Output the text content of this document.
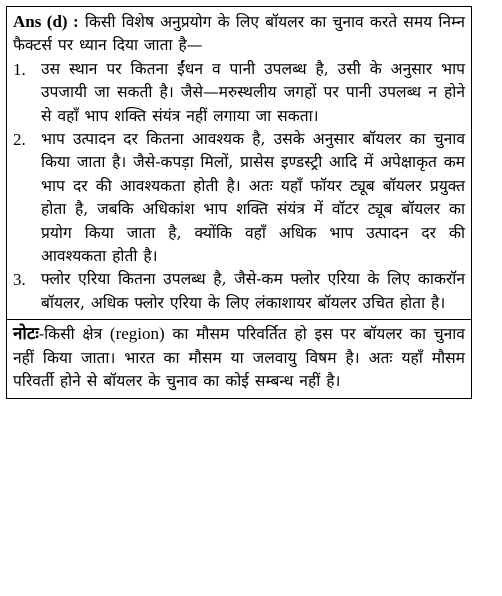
Ans (d) : किसी विशेष अनुप्रयोग के लिए बॉयलर का चुनाव करते समय निम्न फैक्टर्स पर ध्यान दिया जाता है—
1. उस स्थान पर कितना ईंधन व पानी उपलब्ध है, उसी के अनुसार भाप उपजायी जा सकती है। जैसे—मरुस्थलीय जगहों पर पानी उपलब्ध न होने से वहाँ भाप शक्ति संयंत्र नहीं लगाया जा सकता।
2. भाप उत्पादन दर कितना आवश्यक है, उसके अनुसार बॉयलर का चुनाव किया जाता है। जैसे-कपड़ा मिलों, प्रासेस इण्डस्ट्री आदि में अपेक्षाकृत कम भाप दर की आवश्यकता होती है। अतः यहाँ फॉयर ट्यूब बॉयलर प्रयुक्त होता है, जबकि अधिकांश भाप शक्ति संयंत्र में वॉटर ट्यूब बॉयलर का प्रयोग किया जाता है, क्योंकि वहाँ अधिक भाप उत्पादन दर की आवश्यकता होती है।
3. फ्लोर एरिया कितना उपलब्ध है, जैसे-कम फ्लोर एरिया के लिए काकरॉन बॉयलर, अधिक फ्लोर एरिया के लिए लंकाशायर बॉयलर उचित होता है।
नोटः-किसी क्षेत्र (region) का मौसम परिवर्तित हो इस पर बॉयलर का चुनाव नहीं किया जाता। भारत का मौसम या जलवायु विषम है। अतः यहाँ मौसम परिवर्ती होने से बॉयलर के चुनाव का कोई सम्बन्ध नहीं है।
